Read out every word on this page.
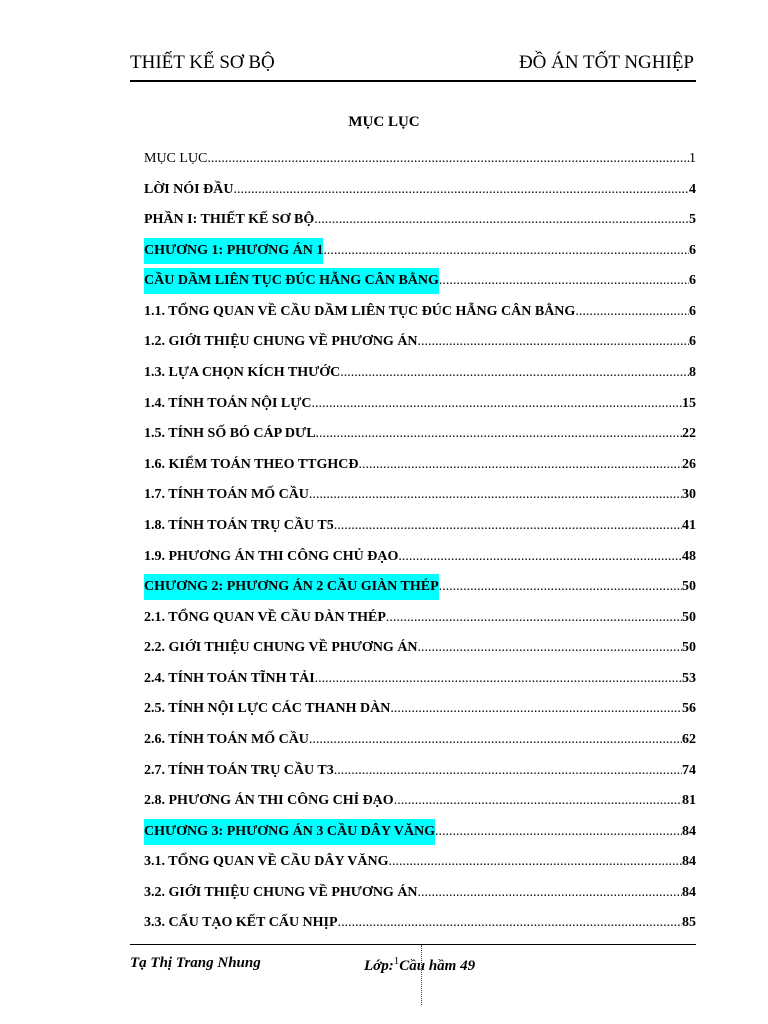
THIẾT KẾ SƠ BỘ	ĐỒ ÁN TỐT NGHIỆP
MỤC LỤC
MỤC LỤC .....	1
LỜI NÓI ĐẦU .....	4
PHẦN I: THIẾT KẾ SƠ BỘ .....	5
CHƯƠNG 1: PHƯƠNG ÁN 1 .....	6
CẦU DẦM LIÊN TỤC ĐÚC HẪNG CÂN BẰNG .....	6
1.1. TỔNG QUAN VỀ CẦU DẦM LIÊN TỤC ĐÚC HẪNG CÂN BẰNG .....	6
1.2. GIỚI THIỆU CHUNG VỀ PHƯƠNG ÁN .....	6
1.3. LỰA CHỌN KÍCH THƯỚC .....	8
1.4. TÍNH TOÁN NỘI LỰC .....	15
1.5. TÍNH SỐ BÓ CÁP DƯL .....	22
1.6. KIỂM TOÁN THEO TTGHCĐ .....	26
1.7. TÍNH TOÁN MỐ CẦU .....	30
1.8. TÍNH TOÁN TRỤ CẦU T5 .....	41
1.9. PHƯƠNG ÁN THI CÔNG CHỦ ĐẠO .....	48
CHƯƠNG 2: PHƯƠNG ÁN 2 CẦU GIÀN THÉP .....	50
2.1. TỔNG QUAN VỀ CẦU DÀN THÉP .....	50
2.2. GIỚI THIỆU CHUNG VỀ PHƯƠNG ÁN .....	50
2.4. TÍNH TOÁN TĨNH TẢI .....	53
2.5. TÍNH NỘI LỰC CÁC THANH DÀN .....	56
2.6. TÍNH TOÁN MỐ CẦU .....	62
2.7. TÍNH TOÁN TRỤ CẦU T3 .....	74
2.8. PHƯƠNG ÁN THI CÔNG CHỈ ĐẠO .....	81
CHƯƠNG 3: PHƯƠNG ÁN 3 CẦU DÂY VĂNG .....	84
3.1. TỔNG QUAN VỀ CẦU DÂY VĂNG .....	84
3.2. GIỚI THIỆU CHUNG VỀ PHƯƠNG ÁN .....	84
3.3. CẤU TẠO KẾT CẤU NHỊP .....	85
Tạ Thị Trang Nhung	Lớp:$^1$Cầu hầm 49
